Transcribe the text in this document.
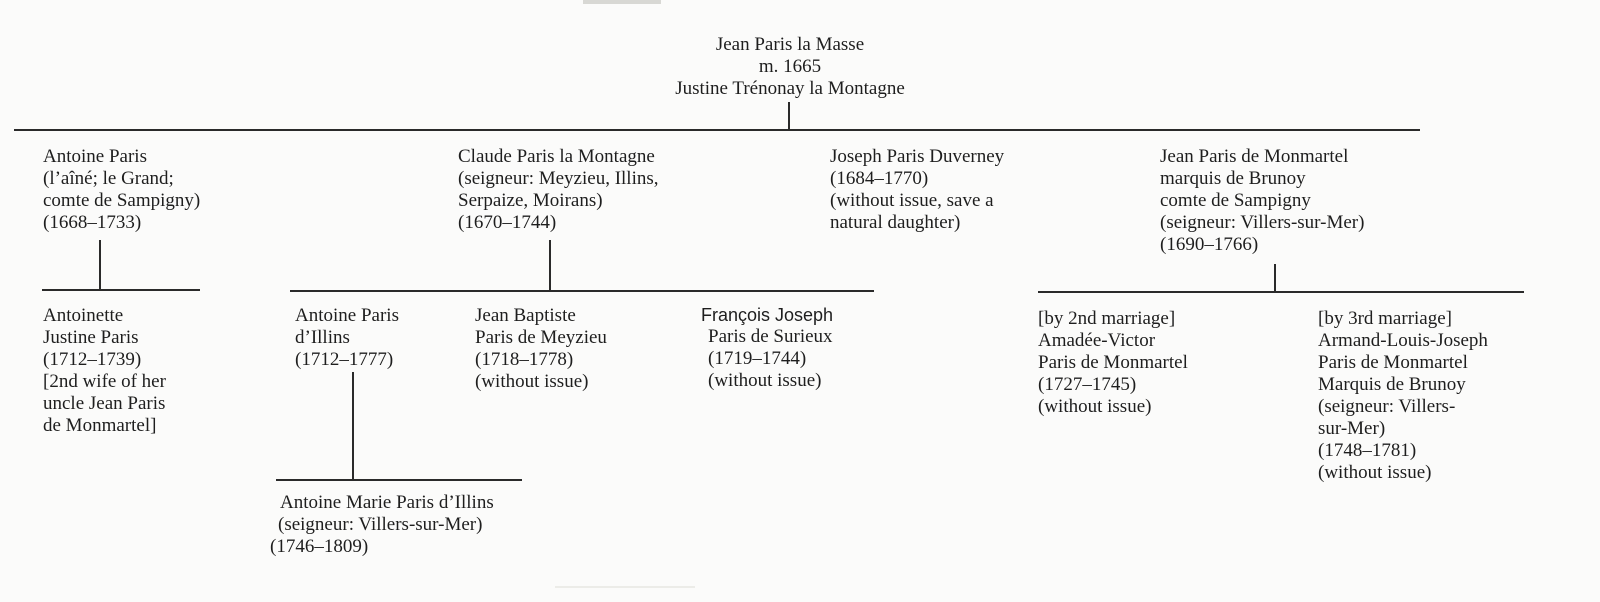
Jean Paris la Masse
m. 1665
Justine Trénonay la Montagne
Antoine Paris
(l’aîné; le Grand;
comte de Sampigny)
(1668–1733)
Claude Paris la Montagne
(seigneur: Meyzieu, Illins,
Serpaize, Moirans)
(1670–1744)
Joseph Paris Duverney
(1684–1770)
(without issue, save a
natural daughter)
Jean Paris de Monmartel
marquis de Brunoy
comte de Sampigny
(seigneur: Villers-sur-Mer)
(1690–1766)
Antoinette
Justine Paris
(1712–1739)
[2nd wife of her
uncle Jean Paris
de Monmartel]
Antoine Paris
d’Illins
(1712–1777)
Jean Baptiste
Paris de Meyzieu
(1718–1778)
(without issue)
François Joseph
Paris de Surieux
(1719–1744)
(without issue)
[by 2nd marriage]
Amadée-Victor
Paris de Monmartel
(1727–1745)
(without issue)
[by 3rd marriage]
Armand-Louis-Joseph
Paris de Monmartel
Marquis de Brunoy
(seigneur: Villers-
sur-Mer)
(1748–1781)
(without issue)
Antoine Marie Paris d’Illins
(seigneur: Villers-sur-Mer)
(1746–1809)
